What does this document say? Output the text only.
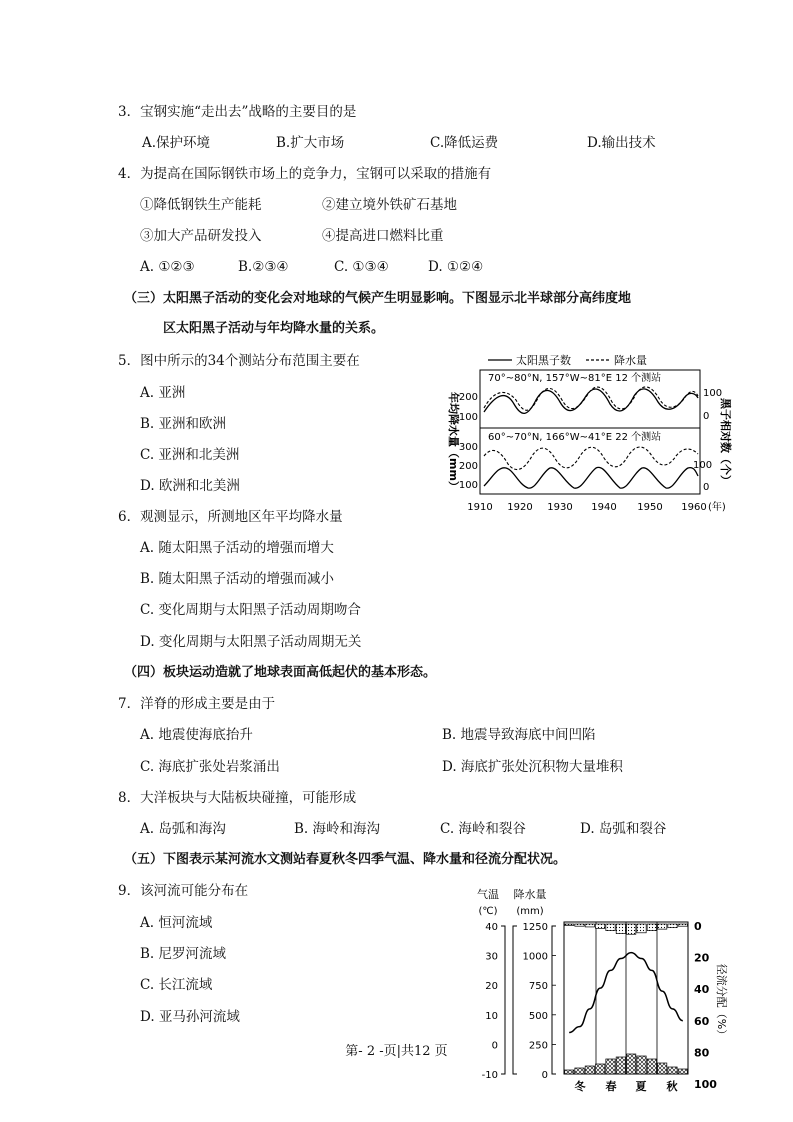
3．宝钢实施“走出去”战略的主要目的是
A.保护环境	B.扩大市场	C.降低运费	D.输出技术
4．为提高在国际钢铁市场上的竞争力，宝钢可以采取的措施有
①降低钢铁生产能耗	②建立境外铁矿石基地
③加大产品研发投入	④提高进口燃料比重
A. ①②③	B.②③④	C. ①③④	D. ①②④
（三）太阳黑子活动的变化会对地球的气候产生明显影响。下图显示北半球部分高纬度地
区太阳黑子活动与年均降水量的关系。
5．图中所示的34个测站分布范围主要在
A. 亚洲
B. 亚洲和欧洲
C. 亚洲和北美洲
D. 欧洲和北美洲
太阳黑子数	降水量
70°~80°N, 157°W~81°E 12 个测站
60°~70°N, 166°W~41°E 22 个测站
200
100
300
200
100
100
0
100
0
年均降水量（mm）	黑子相对数（个）
1910 1920 1930 1940 1950 1960 (年)
6．观测显示，所测地区年平均降水量
A. 随太阳黑子活动的增强而增大
B. 随太阳黑子活动的增强而减小
C. 变化周期与太阳黑子活动周期吻合
D. 变化周期与太阳黑子活动周期无关
（四）板块运动造就了地球表面高低起伏的基本形态。
7．洋脊的形成主要是由于
A. 地震使海底抬升	B. 地震导致海底中间凹陷
C. 海底扩张处岩浆涌出	D. 海底扩张处沉积物大量堆积
8．大洋板块与大陆板块碰撞，可能形成
A. 岛弧和海沟	B. 海岭和海沟	C. 海岭和裂谷	D. 岛弧和裂谷
（五）下图表示某河流水文测站春夏秋冬四季气温、降水量和径流分配状况。
9．该河流可能分布在
A. 恒河流域
B. 尼罗河流域
C. 长江流域
D. 亚马孙河流域
气温
(℃)
降水量
(mm)
40
30
20
10
0
-10
1250
1000
750
500
250
0
0
20
40
60
80
100
径流分配（%）
冬 春 夏 秋
第- 2 -页|共12 页
